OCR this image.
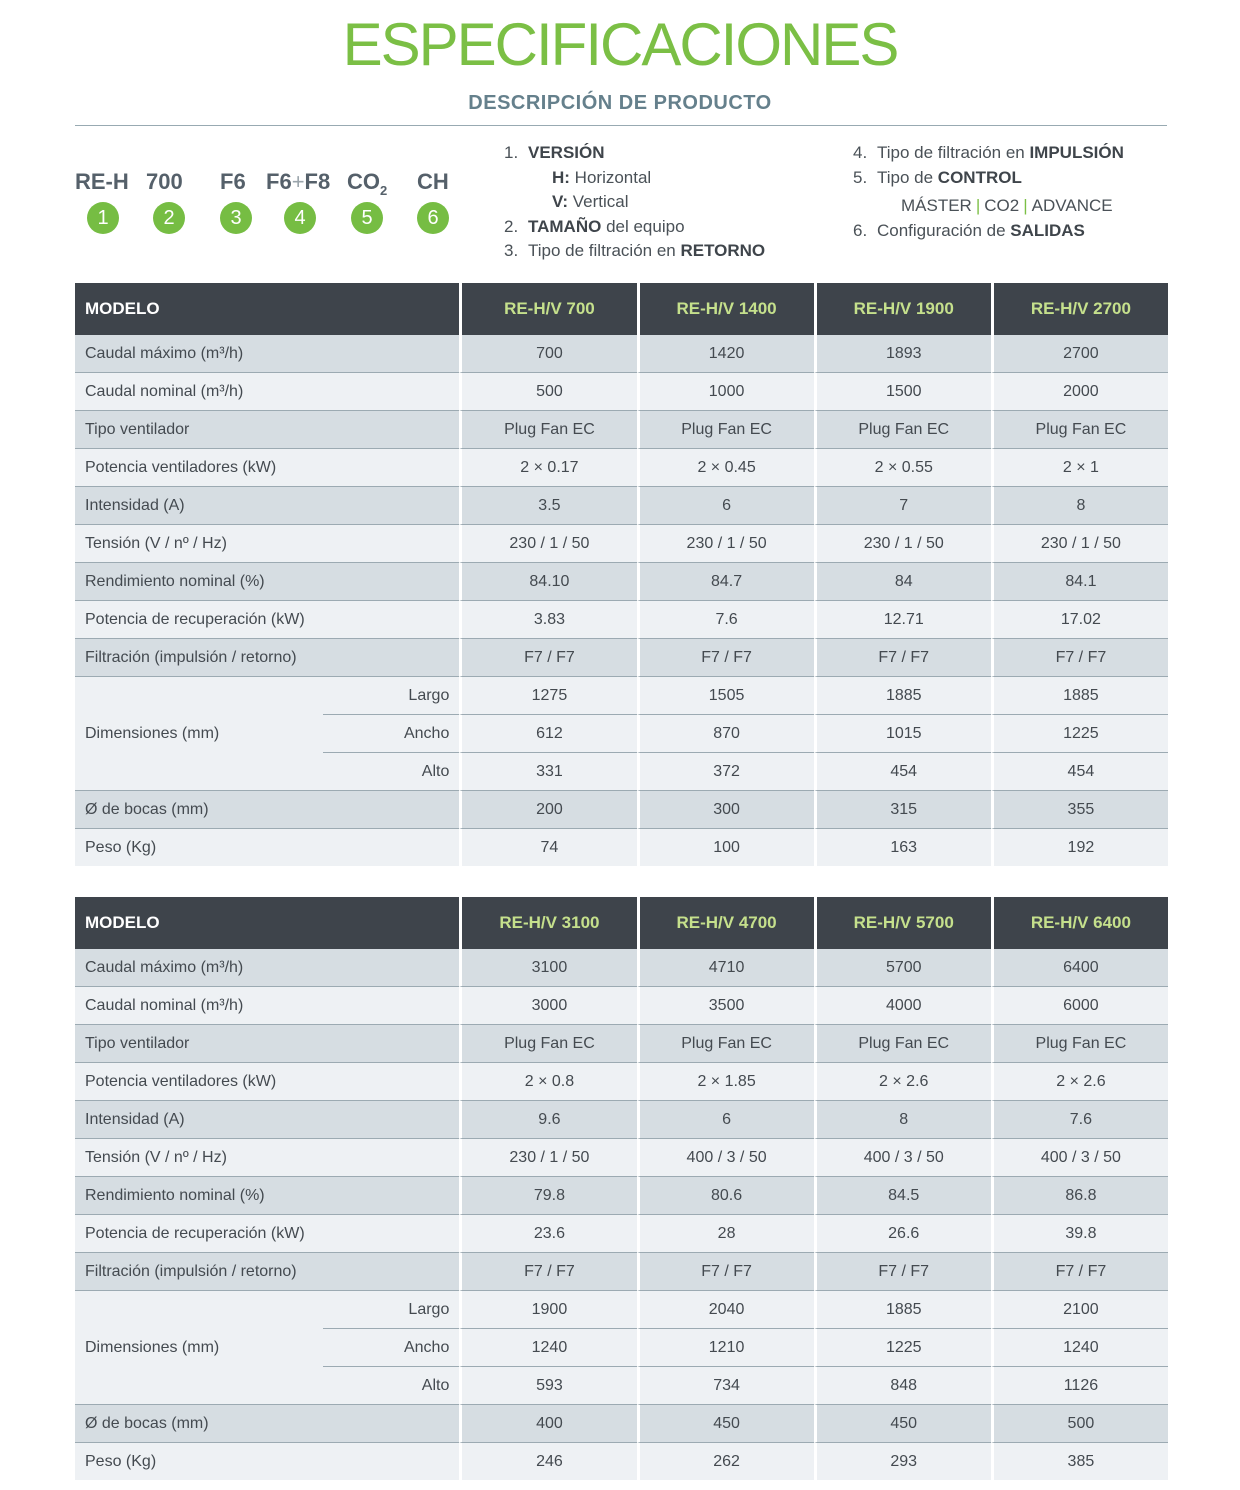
ESPECIFICACIONES
DESCRIPCIÓN DE PRODUCTO
RE-H
1
700
2
F6
3
F6+F8
4
$CO_2$
5
CH
6
1. VERSIÓN
H: Horizontal
V: Vertical
2. TAMAÑO del equipo
3. Tipo de filtración en RETORNO
4. Tipo de filtración en IMPULSIÓN
5. Tipo de CONTROL
MÁSTER | CO2 | ADVANCE
6. Configuración de SALIDAS
MODELO		RE-H/V 700	RE-H/V 1400	RE-H/V 1900	RE-H/V 2700
Caudal máximo (m³/h)		700	1420	1893	2700
Caudal nominal (m³/h)		500	1000	1500	2000
Tipo ventilador		Plug Fan EC	Plug Fan EC	Plug Fan EC	Plug Fan EC
Potencia ventiladores (kW)		2 × 0.17	2 × 0.45	2 × 0.55	2 × 1
Intensidad (A)		3.5	6	7	8
Tensión (V / nº / Hz)		230 / 1 / 50	230 / 1 / 50	230 / 1 / 50	230 / 1 / 50
Rendimiento nominal (%)		84.10	84.7	84	84.1
Potencia de recuperación (kW)		3.83	7.6	12.71	17.02
Filtración (impulsión / retorno)		F7 / F7	F7 / F7	F7 / F7	F7 / F7
Dimensiones (mm)	Largo	1275	1505	1885	1885
	Ancho	612	870	1015	1225
	Alto	331	372	454	454
Ø de bocas (mm)		200	300	315	355
Peso (Kg)		74	100	163	192
MODELO		RE-H/V 3100	RE-H/V 4700	RE-H/V 5700	RE-H/V 6400
Caudal máximo (m³/h)		3100	4710	5700	6400
Caudal nominal (m³/h)		3000	3500	4000	6000
Tipo ventilador		Plug Fan EC	Plug Fan EC	Plug Fan EC	Plug Fan EC
Potencia ventiladores (kW)		2 × 0.8	2 × 1.85	2 × 2.6	2 × 2.6
Intensidad (A)		9.6	6	8	7.6
Tensión (V / nº / Hz)		230 / 1 / 50	400 / 3 / 50	400 / 3 / 50	400 / 3 / 50
Rendimiento nominal (%)		79.8	80.6	84.5	86.8
Potencia de recuperación (kW)		23.6	28	26.6	39.8
Filtración (impulsión / retorno)		F7 / F7	F7 / F7	F7 / F7	F7 / F7
Dimensiones (mm)	Largo	1900	2040	1885	2100
	Ancho	1240	1210	1225	1240
	Alto	593	734	848	1126
Ø de bocas (mm)		400	450	450	500
Peso (Kg)		246	262	293	385
